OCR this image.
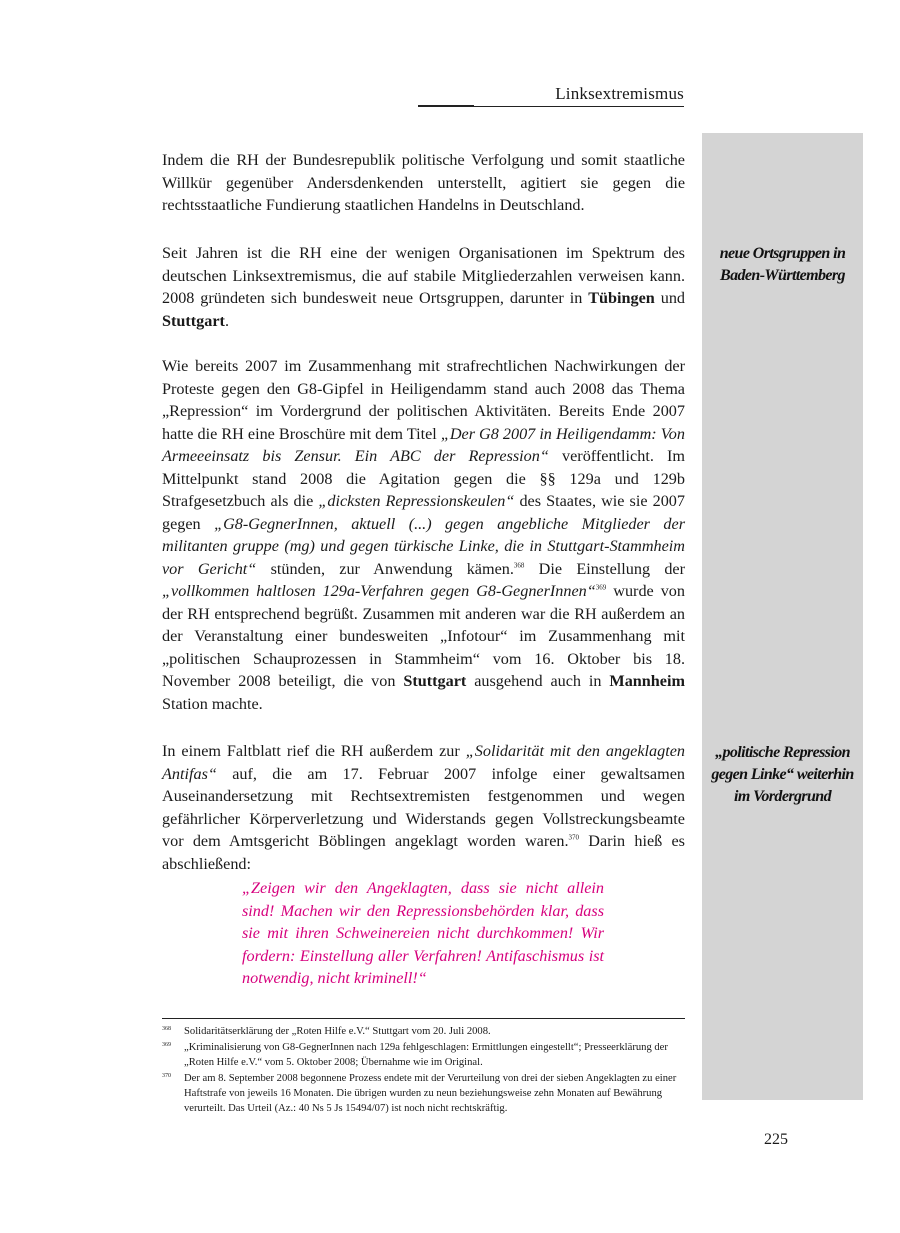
Linksextremismus
neue Ortsgruppen in Baden-Württemberg
„politische Repression gegen Linke“ weiterhin im Vordergrund

Indem die RH der Bundesrepublik politische Verfolgung und somit staatliche Willkür gegenüber Andersdenkenden unterstellt, agitiert sie gegen die rechtsstaatliche Fundierung staatlichen Handelns in Deutschland.

Seit Jahren ist die RH eine der wenigen Organisationen im Spektrum des deutschen Linksextremismus, die auf stabile Mitgliederzahlen verweisen kann. 2008 gründeten sich bundesweit neue Ortsgruppen, darunter in Tübingen und Stuttgart.

Wie bereits 2007 im Zusammenhang mit strafrechtlichen Nachwirkungen der Proteste gegen den G8-Gipfel in Heiligendamm stand auch 2008 das Thema „Repression“ im Vordergrund der politischen Aktivitäten. Bereits Ende 2007 hatte die RH eine Broschüre mit dem Titel „Der G8 2007 in Heiligendamm: Von Armeeeinsatz bis Zensur. Ein ABC der Repression“ veröffentlicht. Im Mittelpunkt stand 2008 die Agitation gegen die §§ 129a und 129b Strafgesetzbuch als die „dicksten Repressionskeulen“ des Staates, wie sie 2007 gegen „G8-GegnerInnen, aktuell (...) gegen angebliche Mitglieder der militanten gruppe (mg) und gegen türkische Linke, die in Stuttgart-Stammheim vor Gericht“ stünden, zur Anwendung kämen.$^{368}$ Die Einstellung der „vollkommen haltlosen 129a-Verfahren gegen G8-GegnerInnen“$^{369}$ wurde von der RH entsprechend begrüßt. Zusammen mit anderen war die RH außerdem an der Veranstaltung einer bundesweiten „Infotour“ im Zusammenhang mit „politischen Schauprozessen in Stammheim“ vom 16. Oktober bis 18. November 2008 beteiligt, die von Stuttgart ausgehend auch in Mannheim Station machte.

In einem Faltblatt rief die RH außerdem zur „Solidarität mit den angeklagten Antifas“ auf, die am 17. Februar 2007 infolge einer gewaltsamen Auseinandersetzung mit Rechtsextremisten festgenommen und wegen gefährlicher Körperverletzung und Widerstands gegen Vollstreckungsbeamte vor dem Amtsgericht Böblingen angeklagt worden waren.$^{370}$ Darin hieß es abschließend:

„Zeigen wir den Angeklagten, dass sie nicht allein sind! Machen wir den Repressionsbehörden klar, dass sie mit ihren Schweinereien nicht durchkommen! Wir fordern: Einstellung aller Verfahren! Antifaschismus ist notwendig, nicht kriminell!“

368 Solidaritätserklärung der „Roten Hilfe e.V.“ Stuttgart vom 20. Juli 2008.

369 „Kriminalisierung von G8-GegnerInnen nach 129a fehlgeschlagen: Ermittlungen eingestellt“; Presseerklärung der „Roten Hilfe e.V.“ vom 5. Oktober 2008; Übernahme wie im Original.

370 Der am 8. September 2008 begonnene Prozess endete mit der Verurteilung von drei der sieben Angeklagten zu einer Haftstrafe von jeweils 16 Monaten. Die übrigen wurden zu neun beziehungsweise zehn Monaten auf Bewährung verurteilt. Das Urteil (Az.: 40 Ns 5 Js 15494/07) ist noch nicht rechtskräftig.

225
